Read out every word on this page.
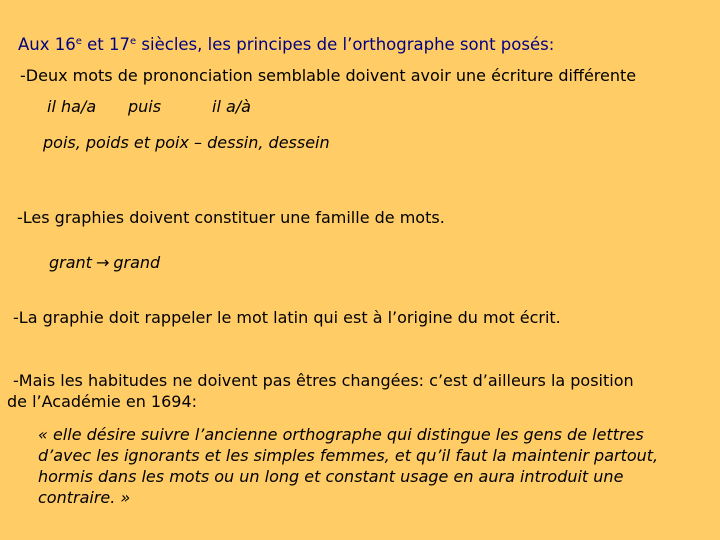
Aux 16e et 17e siècles, les principes de l’orthographe sont posés:
-Deux mots de prononciation semblable doivent avoir une écriture différente
il ha/a puis	il a/à
pois, poids et poix – dessin, dessein
-Les graphies doivent constituer une famille de mots.
grant → grand
-La graphie doit rappeler le mot latin qui est à l’origine du mot écrit.
-Mais les habitudes ne doivent pas êtres changées: c’est d’ailleurs la position
de l’Académie en 1694:
« elle désire suivre l’ancienne orthographe qui distingue les gens de lettres
d’avec les ignorants et les simples femmes, et qu’il faut la maintenir partout,
hormis dans les mots ou un long et constant usage en aura introduit une
contraire. »
